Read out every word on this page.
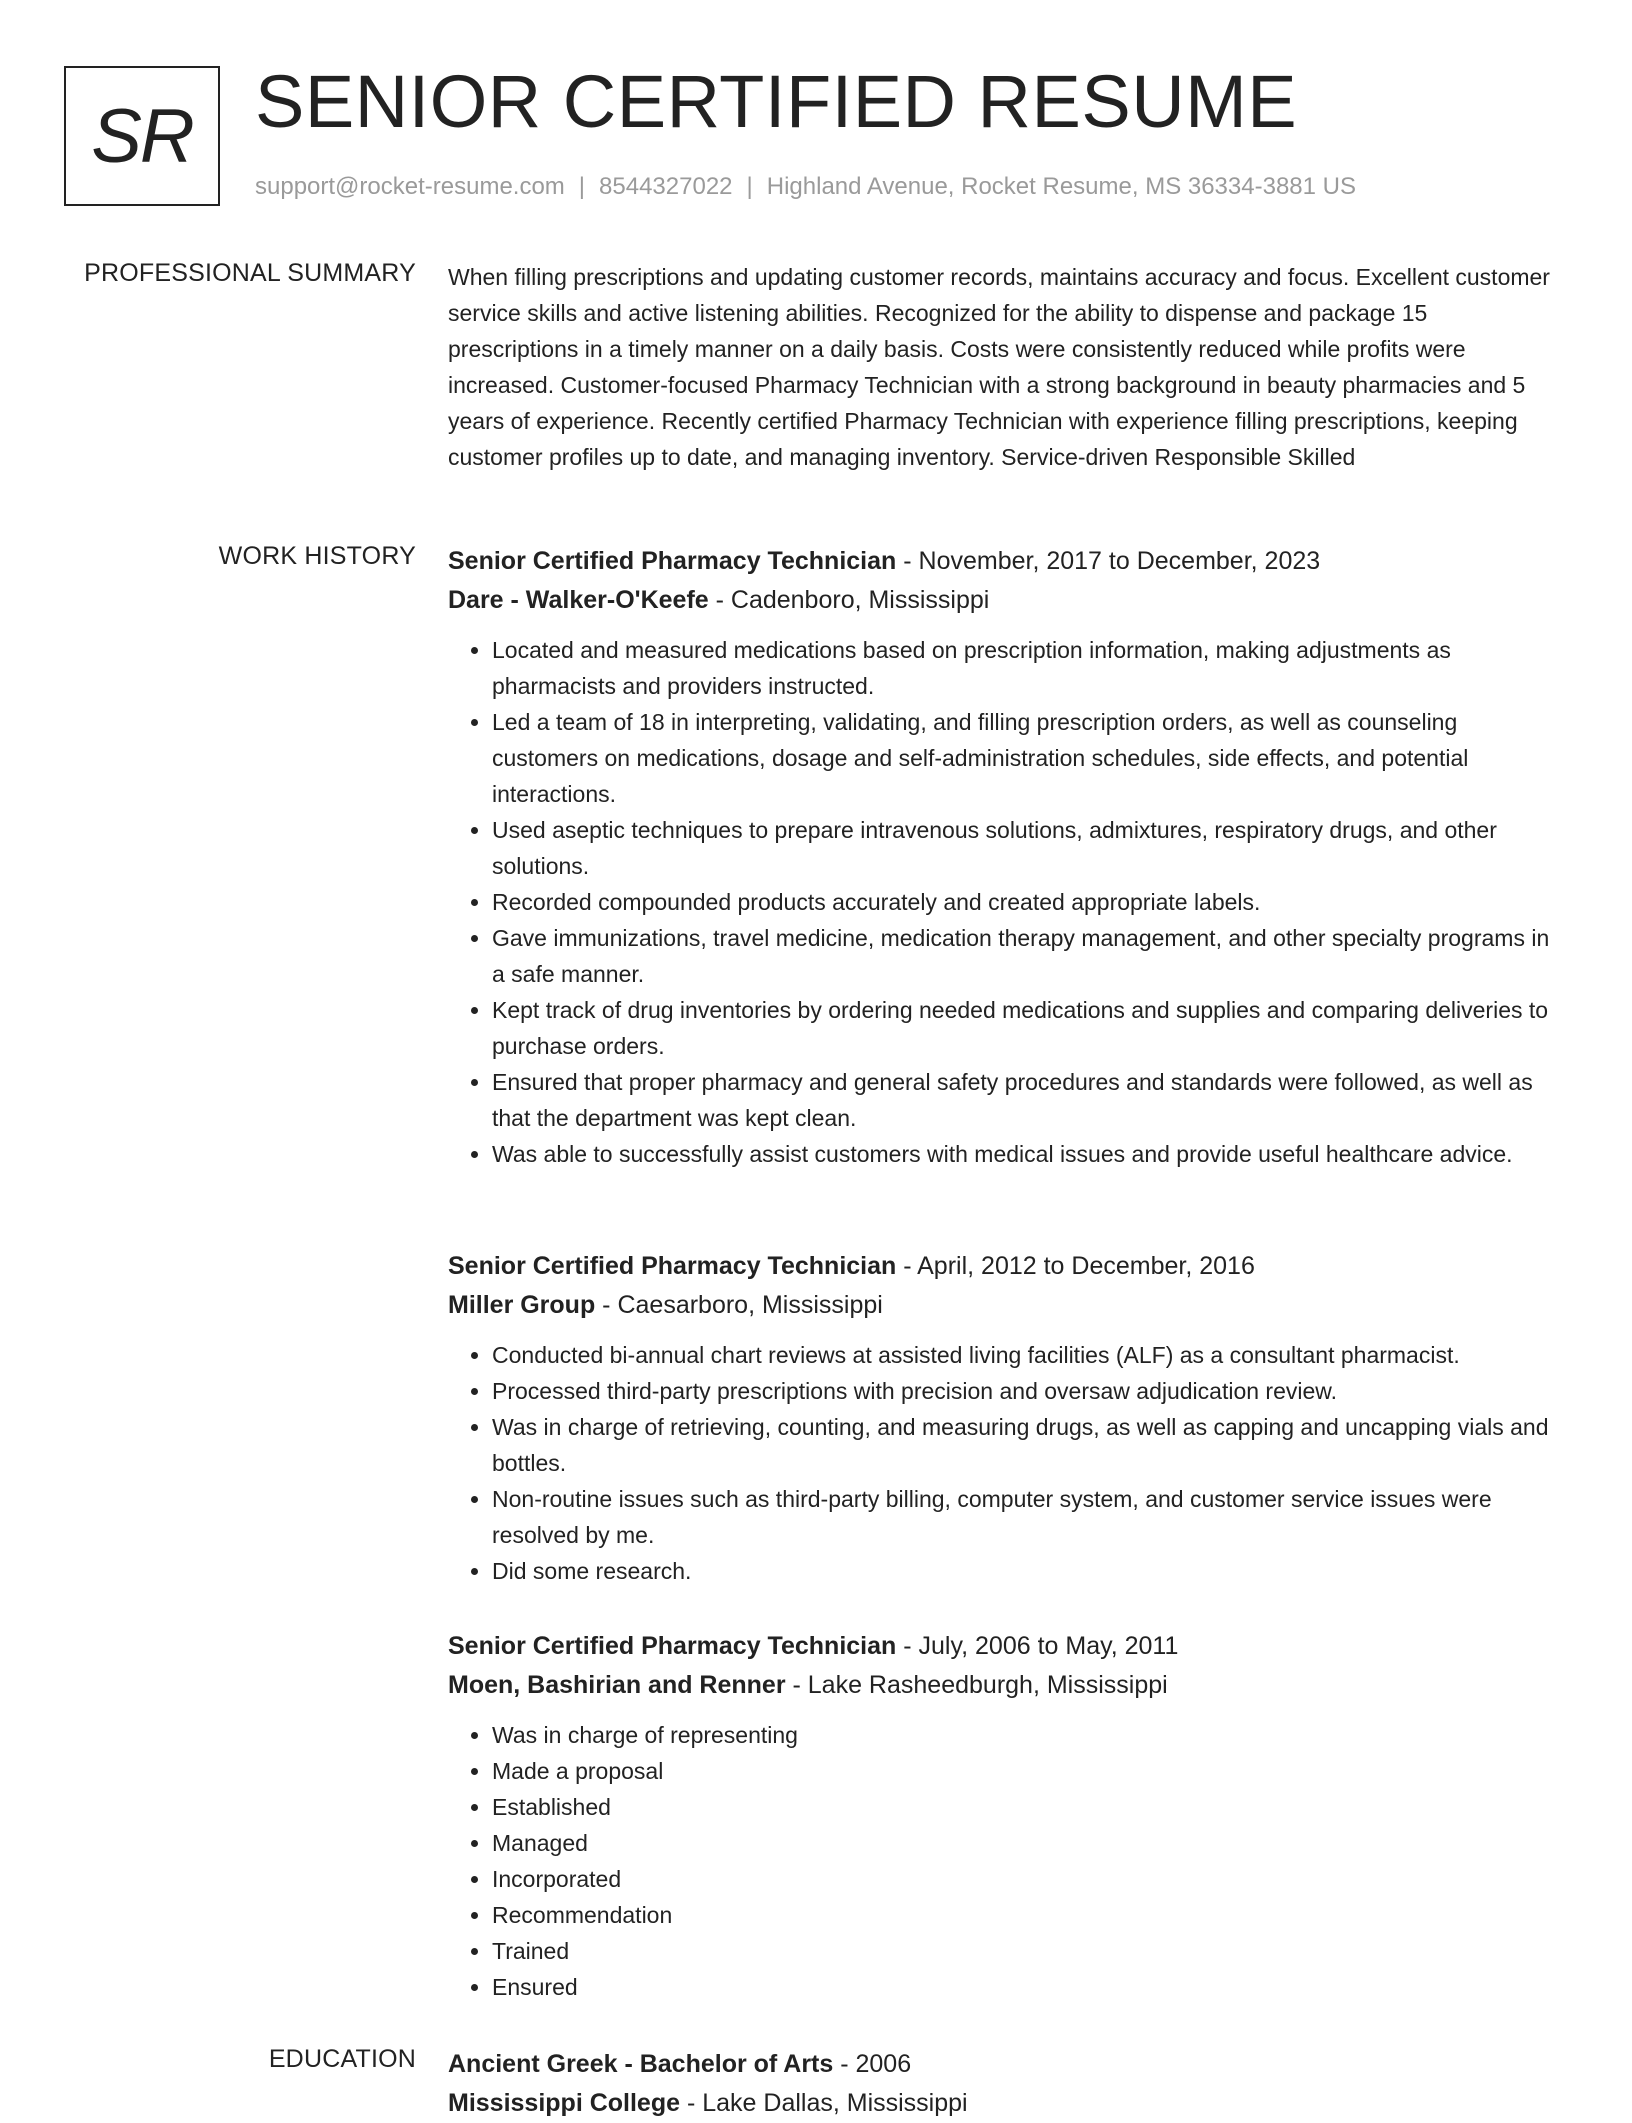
SR SENIOR CERTIFIED RESUME
support@rocket-resume.com | 8544327022 | Highland Avenue, Rocket Resume, MS 36334-3881 US
PROFESSIONAL SUMMARY When filling prescriptions and updating customer records, maintains accuracy and focus. Excellent customer service skills and active listening abilities. Recognized for the ability to dispense and package 15 prescriptions in a timely manner on a daily basis. Costs were consistently reduced while profits were increased. Customer-focused Pharmacy Technician with a strong background in beauty pharmacies and 5 years of experience. Recently certified Pharmacy Technician with experience filling prescriptions, keeping customer profiles up to date, and managing inventory. Service-driven Responsible Skilled

WORK HISTORY Senior Certified Pharmacy Technician - November, 2017 to December, 2023
Dare - Walker-O'Keefe - Cadenboro, Mississippi
• Located and measured medications based on prescription information, making adjustments as pharmacists and providers instructed.
• Led a team of 18 in interpreting, validating, and filling prescription orders, as well as counseling customers on medications, dosage and self-administration schedules, side effects, and potential interactions.
• Used aseptic techniques to prepare intravenous solutions, admixtures, respiratory drugs, and other solutions.
• Recorded compounded products accurately and created appropriate labels.
• Gave immunizations, travel medicine, medication therapy management, and other specialty programs in a safe manner.
• Kept track of drug inventories by ordering needed medications and supplies and comparing deliveries to purchase orders.
• Ensured that proper pharmacy and general safety procedures and standards were followed, as well as that the department was kept clean.
• Was able to successfully assist customers with medical issues and provide useful healthcare advice.
Senior Certified Pharmacy Technician - April, 2012 to December, 2016
Miller Group - Caesarboro, Mississippi
• Conducted bi-annual chart reviews at assisted living facilities (ALF) as a consultant pharmacist.
• Processed third-party prescriptions with precision and oversaw adjudication review.
• Was in charge of retrieving, counting, and measuring drugs, as well as capping and uncapping vials and bottles.
• Non-routine issues such as third-party billing, computer system, and customer service issues were resolved by me.
• Did some research.
Senior Certified Pharmacy Technician - July, 2006 to May, 2011
Moen, Bashirian and Renner - Lake Rasheedburgh, Mississippi
• Was in charge of representing
• Made a proposal
• Established
• Managed
• Incorporated
• Recommendation
• Trained
• Ensured
EDUCATION Ancient Greek - Bachelor of Arts - 2006
Mississippi College - Lake Dallas, Mississippi
